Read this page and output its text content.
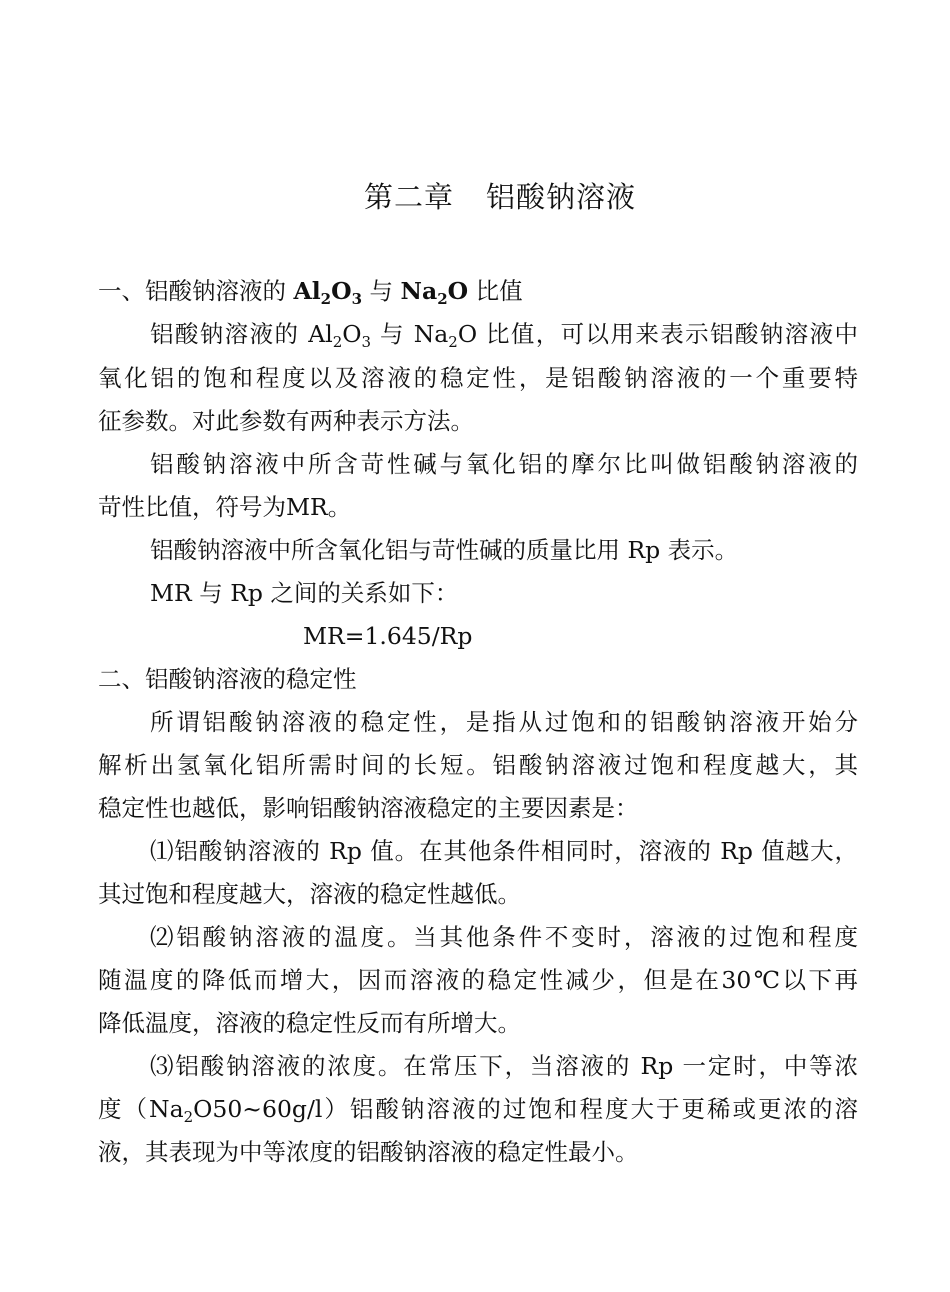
第二章 铝酸钠溶液
一、铝酸钠溶液的 $Al_2O_3$ 与 $Na_2O$ 比值
铝酸钠溶液的 $Al_2O_3$ 与 $Na_2O$ 比值，可以用来表示铝酸钠溶液中
氧化铝的饱和程度以及溶液的稳定性，是铝酸钠溶液的一个重要特
征参数。对此参数有两种表示方法。
铝酸钠溶液中所含苛性碱与氧化铝的摩尔比叫做铝酸钠溶液的
苛性比值，符号为MR。
铝酸钠溶液中所含氧化铝与苛性碱的质量比用 Rp 表示。
MR 与 Rp 之间的关系如下：
MR=1.645/Rp
二、铝酸钠溶液的稳定性
所谓铝酸钠溶液的稳定性，是指从过饱和的铝酸钠溶液开始分
解析出氢氧化铝所需时间的长短。铝酸钠溶液过饱和程度越大，其
稳定性也越低，影响铝酸钠溶液稳定的主要因素是：
⑴铝酸钠溶液的 Rp 值。在其他条件相同时，溶液的 Rp 值越大，
其过饱和程度越大，溶液的稳定性越低。
⑵铝酸钠溶液的温度。当其他条件不变时，溶液的过饱和程度
随温度的降低而增大，因而溶液的稳定性减少，但是在30℃以下再
降低温度，溶液的稳定性反而有所增大。
⑶铝酸钠溶液的浓度。在常压下，当溶液的 Rp 一定时，中等浓
度$(Na_2O50\sim 60g/l)$铝酸钠溶液的过饱和程度大于更稀或更浓的溶
液，其表现为中等浓度的铝酸钠溶液的稳定性最小。
